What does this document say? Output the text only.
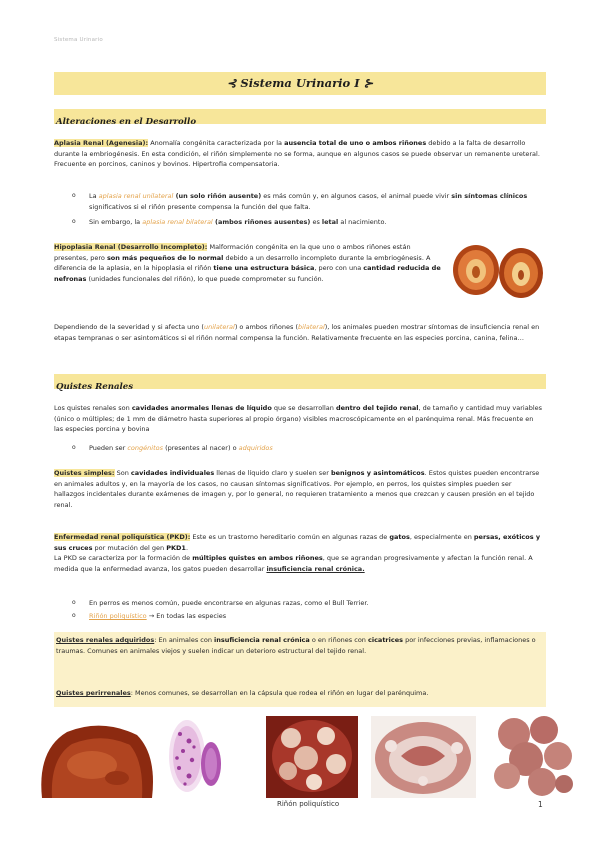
Sistema Urinario
⊰ Sistema Urinario I ⊱
Alteraciones en el Desarrollo
Aplasia Renal (Agenesia): Anomalía congénita caracterizada por la ausencia total de uno o ambos riñones debido a la falta de desarrollo durante la embriogénesis. En esta condición, el riñón simplemente no se forma, aunque en algunos casos se puede observar un remanente ureteral. Frecuente en porcinos, caninos y bovinos. Hipertrofia compensatoria.
o	La aplasia renal unilateral (un solo riñón ausente) es más común y, en algunos casos, el animal puede vivir sin síntomas clínicos significativos si el riñón presente compensa la función del que falta.
o	Sin embargo, la aplasia renal bilateral (ambos riñones ausentes) es letal al nacimiento.
Hipoplasia Renal (Desarrollo Incompleto): Malformación congénita en la que uno o ambos riñones están presentes, pero son más pequeños de lo normal debido a un desarrollo incompleto durante la embriogénesis. A diferencia de la aplasia, en la hipoplasia el riñón tiene una estructura básica, pero con una cantidad reducida de nefronas (unidades funcionales del riñón), lo que puede comprometer su función.
Dependiendo de la severidad y si afecta uno (unilateral) o ambos riñones (bilateral), los animales pueden mostrar síntomas de insuficiencia renal en etapas tempranas o ser asintomáticos si el riñón normal compensa la función. Relativamente frecuente en las especies porcina, canina, felina…
Quistes Renales
Los quistes renales son cavidades anormales llenas de líquido que se desarrollan dentro del tejido renal, de tamaño y cantidad muy variables (único o múltiples; de 1 mm de diámetro hasta superiores al propio órgano) visibles macroscópicamente en el parénquima renal. Más frecuente en las especies porcina y bovina
o	Pueden ser congénitos (presentes al nacer) o adquiridos
Quistes simples: Son cavidades individuales llenas de líquido claro y suelen ser benignos y asintomáticos. Estos quistes pueden encontrarse en animales adultos y, en la mayoría de los casos, no causan síntomas significativos. Por ejemplo, en perros, los quistes simples pueden ser hallazgos incidentales durante exámenes de imagen y, por lo general, no requieren tratamiento a menos que crezcan y causen presión en el tejido renal.
Enfermedad renal poliquística (PKD): Este es un trastorno hereditario común en algunas razas de gatos, especialmente en persas, exóticos y sus cruces por mutación del gen PKD1.
La PKD se caracteriza por la formación de múltiples quistes en ambos riñones, que se agrandan progresivamente y afectan la función renal. A medida que la enfermedad avanza, los gatos pueden desarrollar insuficiencia renal crónica.
o	En perros es menos común, puede encontrarse en algunas razas, como el Bull Terrier.
o	Riñón poliquístico → En todas las especies
Quistes renales adquiridos: En animales con insuficiencia renal crónica o en riñones con cicatrices por infecciones previas, inflamaciones o traumas. Comunes en animales viejos y suelen indicar un deterioro estructural del tejido renal.
Quistes perirrenales: Menos comunes, se desarrollan en la cápsula que rodea el riñón en lugar del parénquima.
Riñón poliquístico	1
